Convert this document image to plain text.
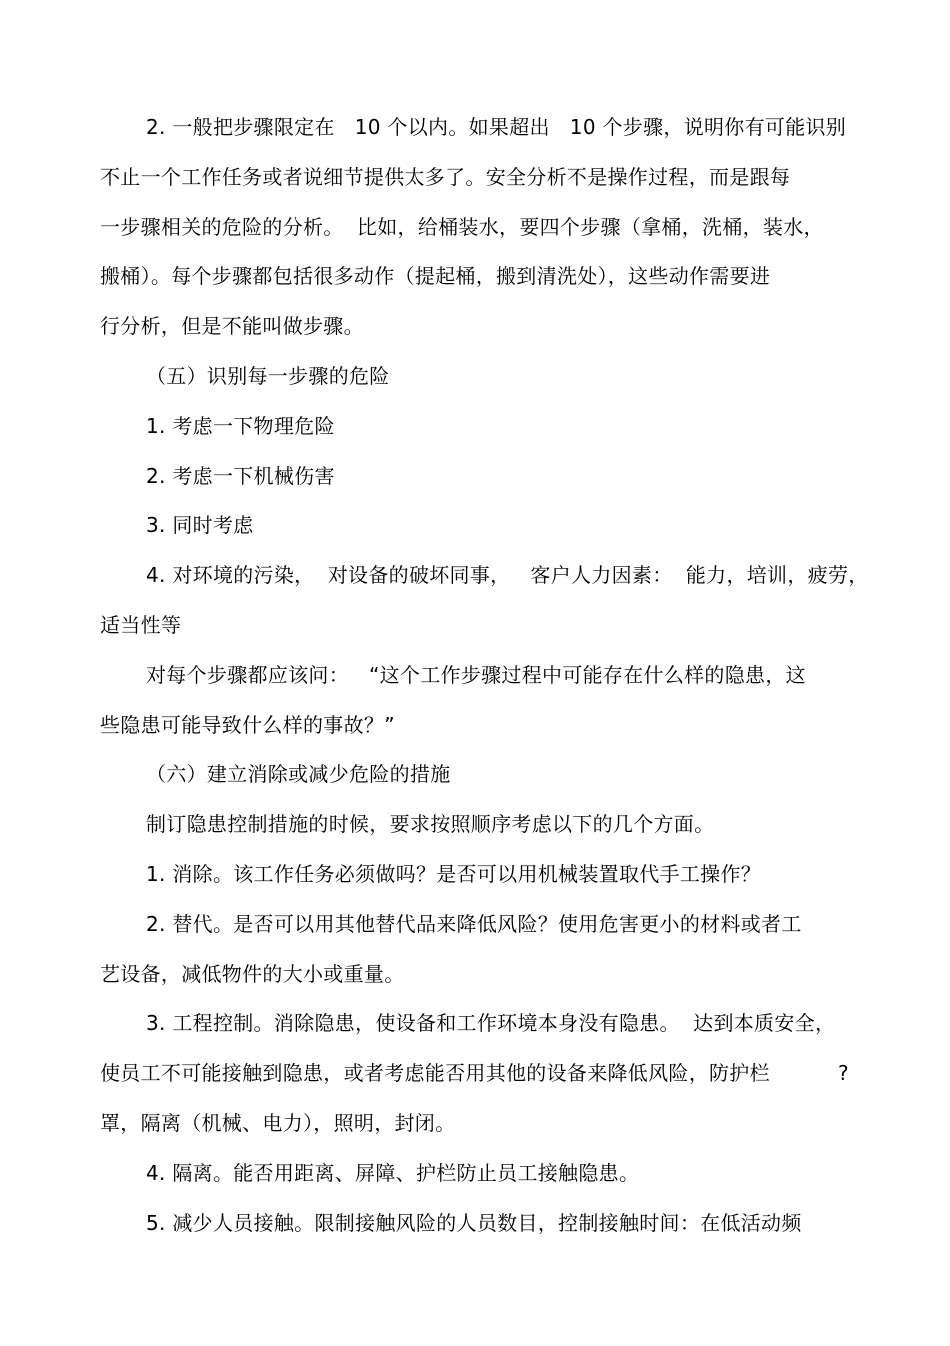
2. 一般把步骤限定在   10 个以内。如果超出   10 个步骤，说明你有可能识别
不止一个工作任务或者说细节提供太多了。安全分析不是操作过程，而是跟每
一步骤相关的危险的分析。  比如，给桶装水，要四个步骤（拿桶，洗桶，装水，
搬桶）。每个步骤都包括很多动作（提起桶，搬到清洗处），这些动作需要进
行分析，但是不能叫做步骤。
（五）识别每一步骤的危险
1. 考虑一下物理危险
2. 考虑一下机械伤害
3. 同时考虑
4. 对环境的污染，  对设备的破坏同事，   客户人力因素：  能力，培训，疲劳，
适当性等
对每个步骤都应该问：   “这个工作步骤过程中可能存在什么样的隐患，这
些隐患可能导致什么样的事故？”
（六）建立消除或减少危险的措施
制订隐患控制措施的时候，要求按照顺序考虑以下的几个方面。
1. 消除。该工作任务必须做吗？是否可以用机械装置取代手工操作？
2. 替代。是否可以用其他替代品来降低风险？使用危害更小的材料或者工
艺设备，减低物件的大小或重量。
3. 工程控制。消除隐患，使设备和工作环境本身没有隐患。  达到本质安全，
使员工不可能接触到隐患，或者考虑能否用其他的设备来降低风险，防护栏	?
罩，隔离（机械、电力），照明，封闭。
4. 隔离。能否用距离、屏障、护栏防止员工接触隐患。
5. 减少人员接触。限制接触风险的人员数目，控制接触时间：在低活动频
